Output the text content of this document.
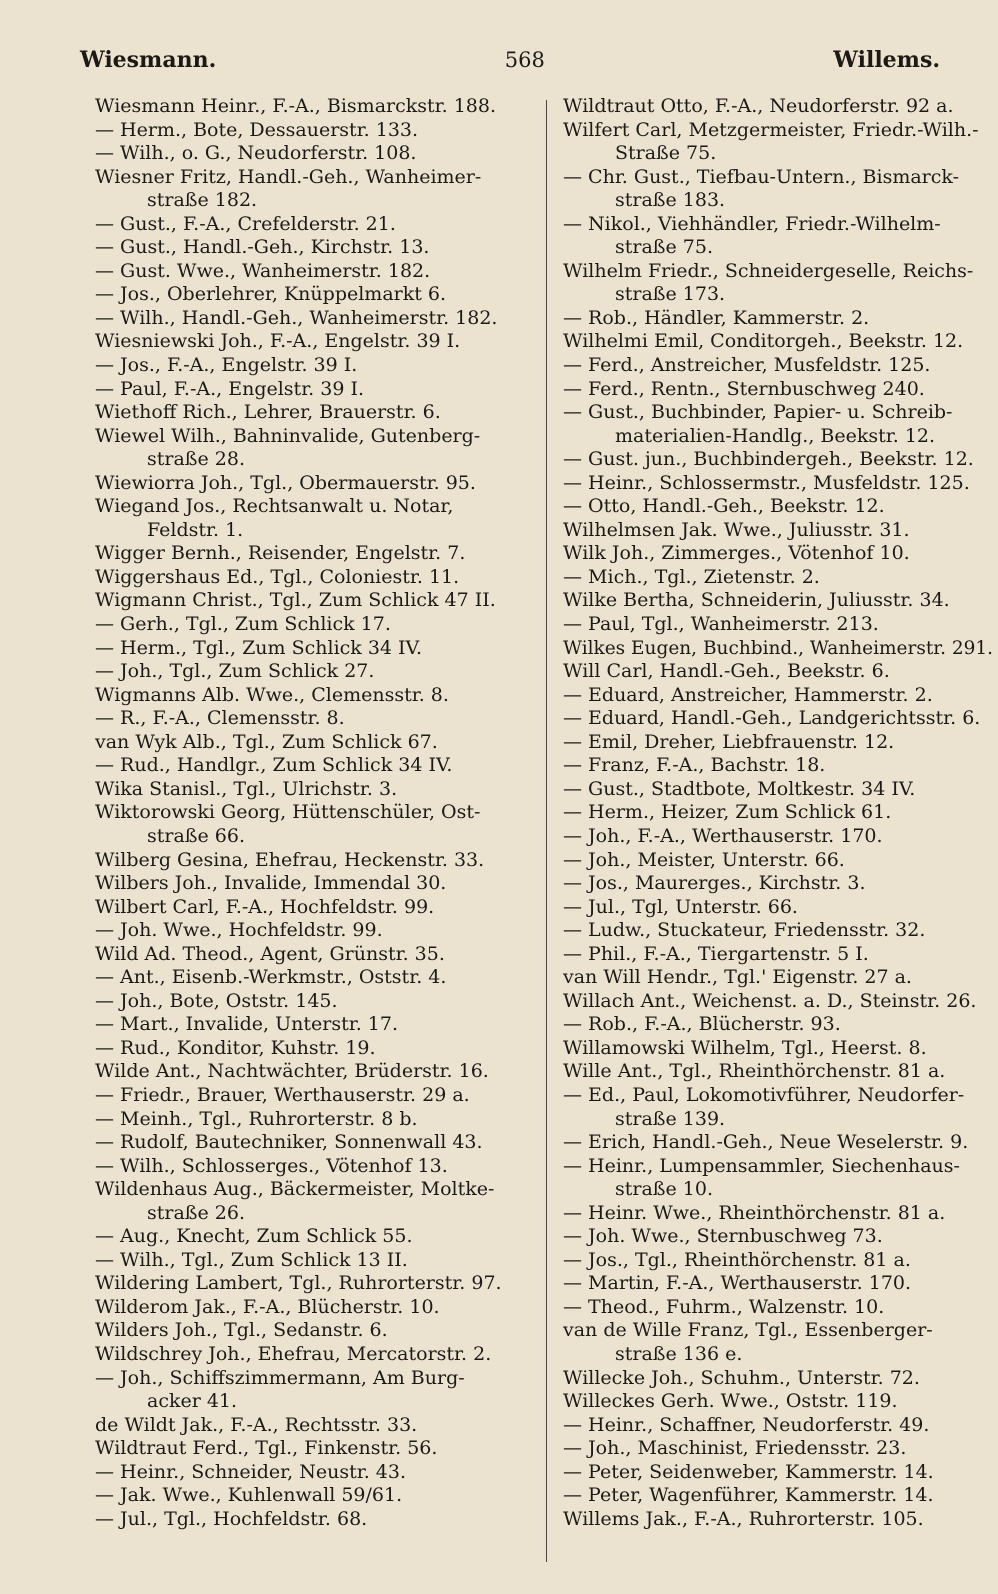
Wiesmann.	568	Willems.
Wiesmann Heinr., F.-A., Bismarckstr. 188.
— Herm., Bote, Dessauerstr. 133.
— Wilh., o. G., Neudorferstr. 108.
Wiesner Fritz, Handl.-Geh., Wanheimer-
straße 182.
— Gust., F.-A., Crefelderstr. 21.
— Gust., Handl.-Geh., Kirchstr. 13.
— Gust. Wwe., Wanheimerstr. 182.
— Jos., Oberlehrer, Knüppelmarkt 6.
— Wilh., Handl.-Geh., Wanheimerstr. 182.
Wiesniewski Joh., F.-A., Engelstr. 39 I.
— Jos., F.-A., Engelstr. 39 I.
— Paul, F.-A., Engelstr. 39 I.
Wiethoff Rich., Lehrer, Brauerstr. 6.
Wiewel Wilh., Bahninvalide, Gutenberg-
straße 28.
Wiewiorra Joh., Tgl., Obermauerstr. 95.
Wiegand Jos., Rechtsanwalt u. Notar,
Feldstr. 1.
Wigger Bernh., Reisender, Engelstr. 7.
Wiggershaus Ed., Tgl., Coloniestr. 11.
Wigmann Christ., Tgl., Zum Schlick 47 II.
— Gerh., Tgl., Zum Schlick 17.
— Herm., Tgl., Zum Schlick 34 IV.
— Joh., Tgl., Zum Schlick 27.
Wigmanns Alb. Wwe., Clemensstr. 8.
— R., F.-A., Clemensstr. 8.
van Wyk Alb., Tgl., Zum Schlick 67.
— Rud., Handlgr., Zum Schlick 34 IV.
Wika Stanisl., Tgl., Ulrichstr. 3.
Wiktorowski Georg, Hüttenschüler, Ost-
straße 66.
Wilberg Gesina, Ehefrau, Heckenstr. 33.
Wilbers Joh., Invalide, Immendal 30.
Wilbert Carl, F.-A., Hochfeldstr. 99.
— Joh. Wwe., Hochfeldstr. 99.
Wild Ad. Theod., Agent, Grünstr. 35.
— Ant., Eisenb.-Werkmstr., Oststr. 4.
— Joh., Bote, Oststr. 145.
— Mart., Invalide, Unterstr. 17.
— Rud., Konditor, Kuhstr. 19.
Wilde Ant., Nachtwächter, Brüderstr. 16.
— Friedr., Brauer, Werthauserstr. 29 a.
— Meinh., Tgl., Ruhrorterstr. 8 b.
— Rudolf, Bautechniker, Sonnenwall 43.
— Wilh., Schlosserges., Vötenhof 13.
Wildenhaus Aug., Bäckermeister, Moltke-
straße 26.
— Aug., Knecht, Zum Schlick 55.
— Wilh., Tgl., Zum Schlick 13 II.
Wildering Lambert, Tgl., Ruhrorterstr. 97.
Wilderom Jak., F.-A., Blücherstr. 10.
Wilders Joh., Tgl., Sedanstr. 6.
Wildschrey Joh., Ehefrau, Mercatorstr. 2.
— Joh., Schiffszimmermann, Am Burg-
acker 41.
de Wildt Jak., F.-A., Rechtsstr. 33.
Wildtraut Ferd., Tgl., Finkenstr. 56.
— Heinr., Schneider, Neustr. 43.
— Jak. Wwe., Kuhlenwall 59/61.
— Jul., Tgl., Hochfeldstr. 68.
Wildtraut Otto, F.-A., Neudorferstr. 92 a.
Wilfert Carl, Metzgermeister, Friedr.-Wilh.-
Straße 75.
— Chr. Gust., Tiefbau-Untern., Bismarck-
straße 183.
— Nikol., Viehhändler, Friedr.-Wilhelm-
straße 75.
Wilhelm Friedr., Schneidergeselle, Reichs-
straße 173.
— Rob., Händler, Kammerstr. 2.
Wilhelmi Emil, Conditorgeh., Beekstr. 12.
— Ferd., Anstreicher, Musfeldstr. 125.
— Ferd., Rentn., Sternbuschweg 240.
— Gust., Buchbinder, Papier- u. Schreib-
materialien-Handlg., Beekstr. 12.
— Gust. jun., Buchbindergeh., Beekstr. 12.
— Heinr., Schlossermstr., Musfeldstr. 125.
— Otto, Handl.-Geh., Beekstr. 12.
Wilhelmsen Jak. Wwe., Juliusstr. 31.
Wilk Joh., Zimmerges., Vötenhof 10.
— Mich., Tgl., Zietenstr. 2.
Wilke Bertha, Schneiderin, Juliusstr. 34.
— Paul, Tgl., Wanheimerstr. 213.
Wilkes Eugen, Buchbind., Wanheimerstr. 291.
Will Carl, Handl.-Geh., Beekstr. 6.
— Eduard, Anstreicher, Hammerstr. 2.
— Eduard, Handl.-Geh., Landgerichtsstr. 6.
— Emil, Dreher, Liebfrauenstr. 12.
— Franz, F.-A., Bachstr. 18.
— Gust., Stadtbote, Moltkestr. 34 IV.
— Herm., Heizer, Zum Schlick 61.
— Joh., F.-A., Werthauserstr. 170.
— Joh., Meister, Unterstr. 66.
— Jos., Maurerges., Kirchstr. 3.
— Jul., Tgl, Unterstr. 66.
— Ludw., Stuckateur, Friedensstr. 32.
— Phil., F.-A., Tiergartenstr. 5 I.
van Will Hendr., Tgl.' Eigenstr. 27 a.
Willach Ant., Weichenst. a. D., Steinstr. 26.
— Rob., F.-A., Blücherstr. 93.
Willamowski Wilhelm, Tgl., Heerst. 8.
Wille Ant., Tgl., Rheinthörchenstr. 81 a.
— Ed., Paul, Lokomotivführer, Neudorfer-
straße 139.
— Erich, Handl.-Geh., Neue Weselerstr. 9.
— Heinr., Lumpensammler, Siechenhaus-
straße 10.
— Heinr. Wwe., Rheinthörchenstr. 81 a.
— Joh. Wwe., Sternbuschweg 73.
— Jos., Tgl., Rheinthörchenstr. 81 a.
— Martin, F.-A., Werthauserstr. 170.
— Theod., Fuhrm., Walzenstr. 10.
van de Wille Franz, Tgl., Essenberger-
straße 136 e.
Willecke Joh., Schuhm., Unterstr. 72.
Willeckes Gerh. Wwe., Oststr. 119.
— Heinr., Schaffner, Neudorferstr. 49.
— Joh., Maschinist, Friedensstr. 23.
— Peter, Seidenweber, Kammerstr. 14.
— Peter, Wagenführer, Kammerstr. 14.
Willems Jak., F.-A., Ruhrorterstr. 105.
